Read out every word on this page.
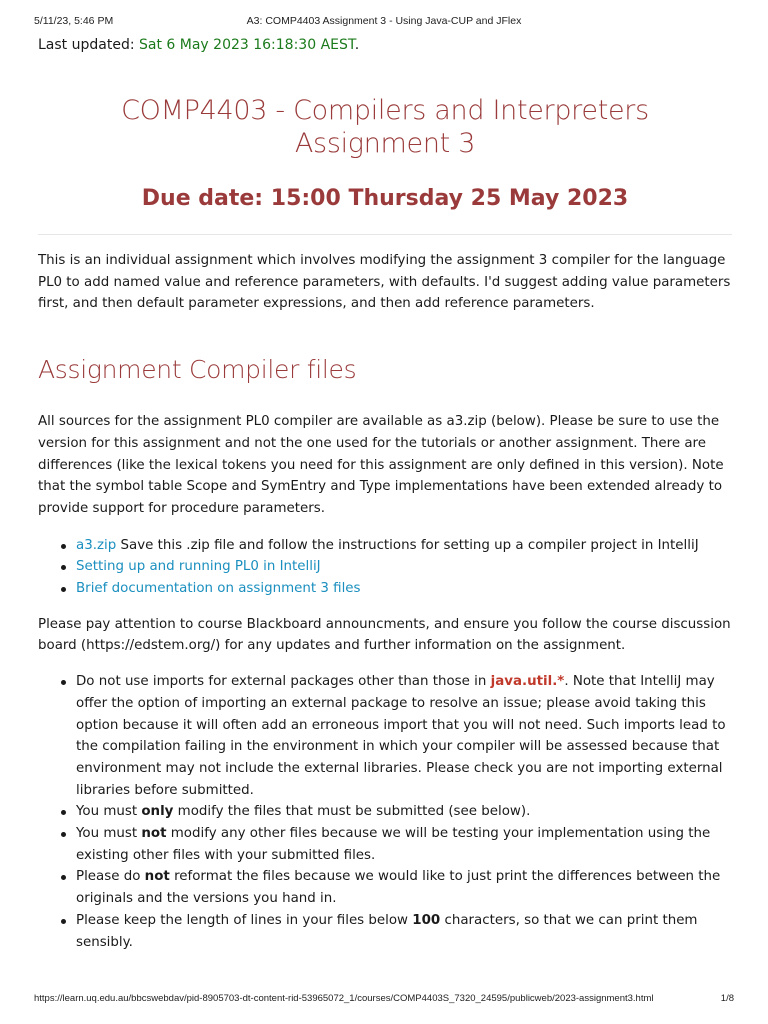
5/11/23, 5:46 PM	A3: COMP4403 Assignment 3 - Using Java-CUP and JFlex

Last updated: Sat 6 May 2023 16:18:30 AEST.

COMP4403 - Compilers and Interpreters
Assignment 3
Due date: 15:00 Thursday 25 May 2023

This is an individual assignment which involves modifying the assignment 3 compiler for the language PL0 to add named value and reference parameters, with defaults. I'd suggest adding value parameters first, and then default parameter expressions, and then add reference parameters.

Assignment Compiler files

All sources for the assignment PL0 compiler are available as a3.zip (below). Please be sure to use the version for this assignment and not the one used for the tutorials or another assignment. There are differences (like the lexical tokens you need for this assignment are only defined in this version). Note that the symbol table Scope and SymEntry and Type implementations have been extended already to provide support for procedure parameters.

a3.zip Save this .zip file and follow the instructions for setting up a compiler project in IntelliJ
Setting up and running PL0 in IntelliJ
Brief documentation on assignment 3 files

Please pay attention to course Blackboard announcments, and ensure you follow the course discussion board (https://edstem.org/) for any updates and further information on the assignment.

Do not use imports for external packages other than those in java.util.*. Note that IntelliJ may offer the option of importing an external package to resolve an issue; please avoid taking this option because it will often add an erroneous import that you will not need. Such imports lead to the compilation failing in the environment in which your compiler will be assessed because that environment may not include the external libraries. Please check you are not importing external libraries before submitted.
You must only modify the files that must be submitted (see below).
You must not modify any other files because we will be testing your implementation using the existing other files with your submitted files.
Please do not reformat the files because we would like to just print the differences between the originals and the versions you hand in.
Please keep the length of lines in your files below 100 characters, so that we can print them sensibly.
https://learn.uq.edu.au/bbcswebdav/pid-8905703-dt-content-rid-53965072_1/courses/COMP4403S_7320_24595/publicweb/2023-assignment3.html	1/8
